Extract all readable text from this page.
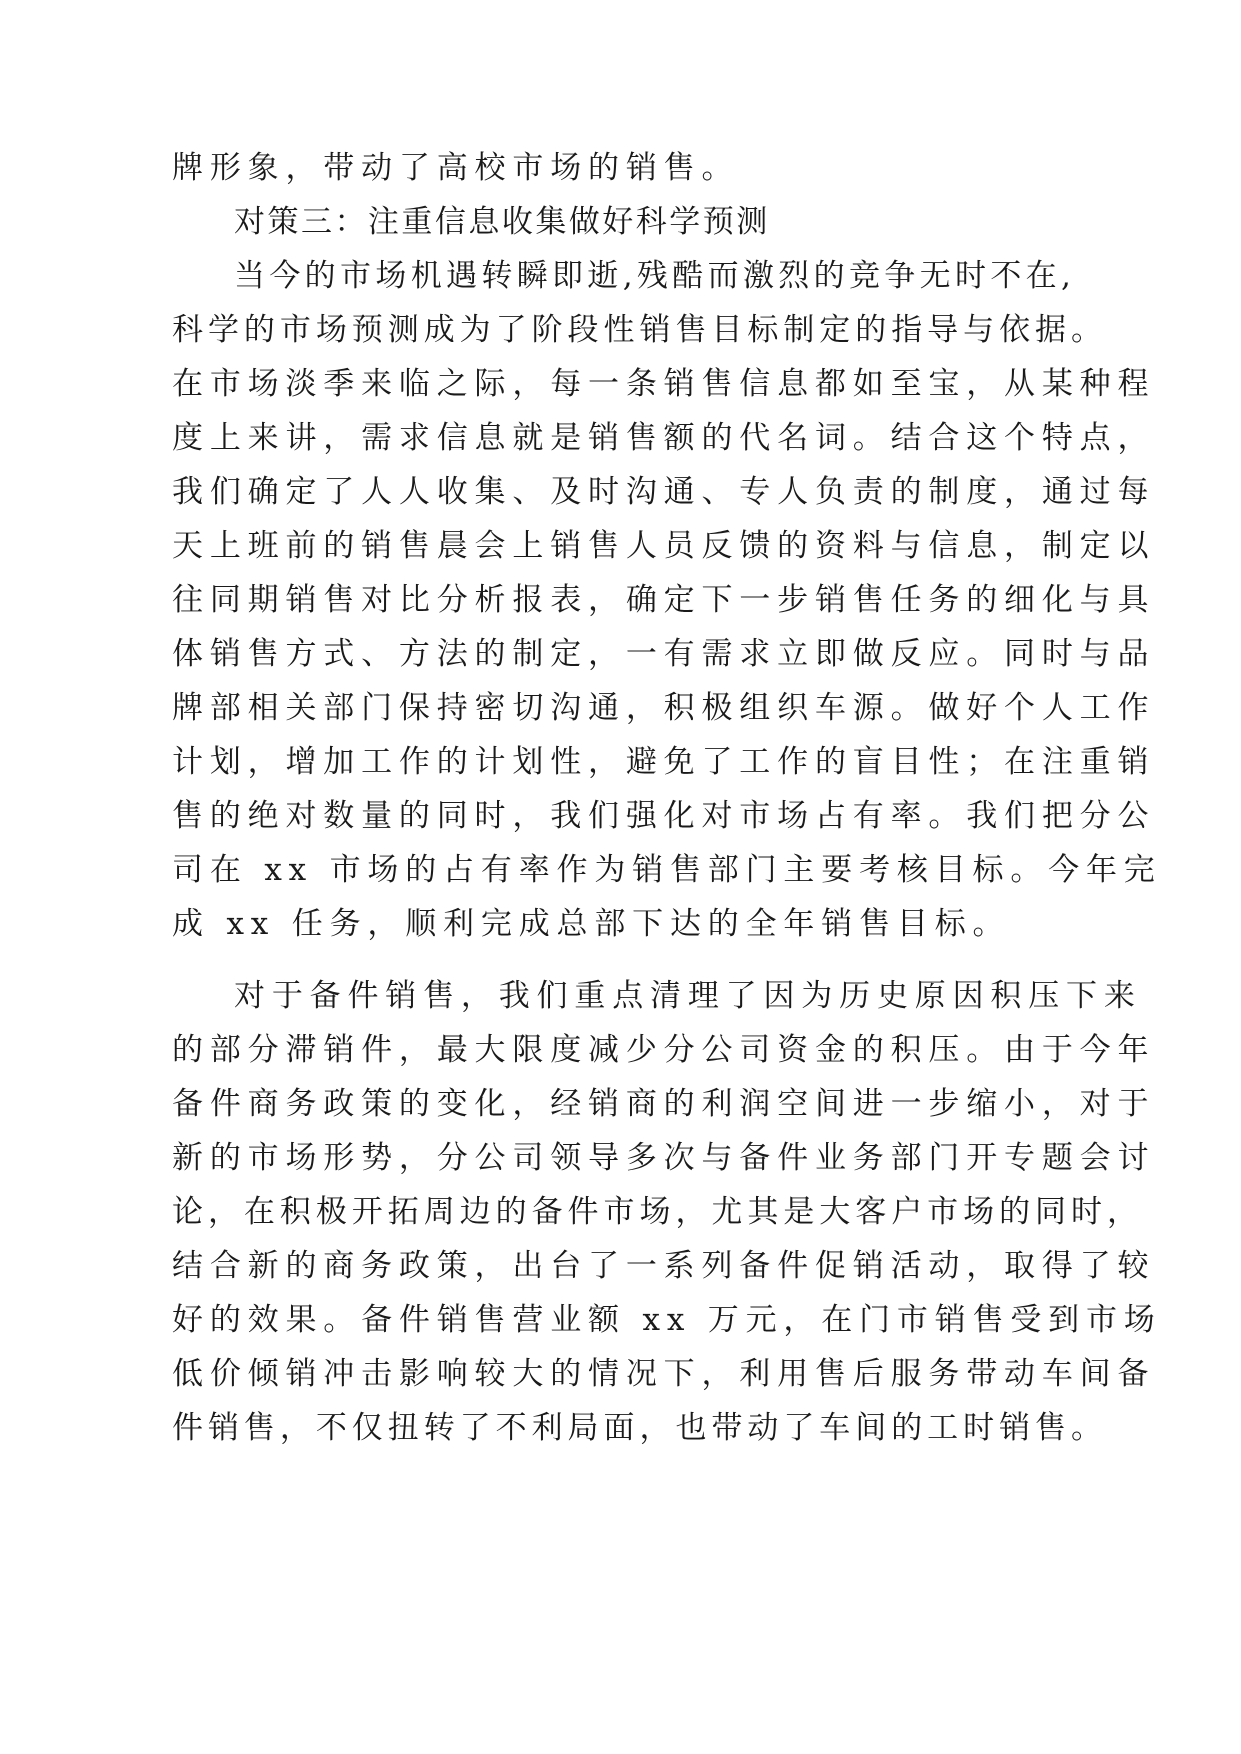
牌形象，带动了高校市场的销售。

对策三：注重信息收集做好科学预测

当今的市场机遇转瞬即逝,残酷而激烈的竞争无时不在,

科学的市场预测成为了阶段性销售目标制定的指导与依据。

在市场淡季来临之际，每一条销售信息都如至宝，从某种程

度上来讲，需求信息就是销售额的代名词。结合这个特点，

我们确定了人人收集、及时沟通、专人负责的制度，通过每

天上班前的销售晨会上销售人员反馈的资料与信息，制定以

往同期销售对比分析报表，确定下一步销售任务的细化与具

体销售方式、方法的制定，一有需求立即做反应。同时与品

牌部相关部门保持密切沟通，积极组织车源。做好个人工作

计划，增加工作的计划性，避免了工作的盲目性；在注重销

售的绝对数量的同时，我们强化对市场占有率。我们把分公

司在 xx 市场的占有率作为销售部门主要考核目标。今年完

成 xx 任务，顺利完成总部下达的全年销售目标。

对于备件销售，我们重点清理了因为历史原因积压下来

的部分滞销件，最大限度减少分公司资金的积压。由于今年

备件商务政策的变化，经销商的利润空间进一步缩小，对于

新的市场形势，分公司领导多次与备件业务部门开专题会讨

论，在积极开拓周边的备件市场，尤其是大客户市场的同时，

结合新的商务政策，出台了一系列备件促销活动，取得了较

好的效果。备件销售营业额 xx 万元，在门市销售受到市场

低价倾销冲击影响较大的情况下，利用售后服务带动车间备

件销售，不仅扭转了不利局面，也带动了车间的工时销售。
